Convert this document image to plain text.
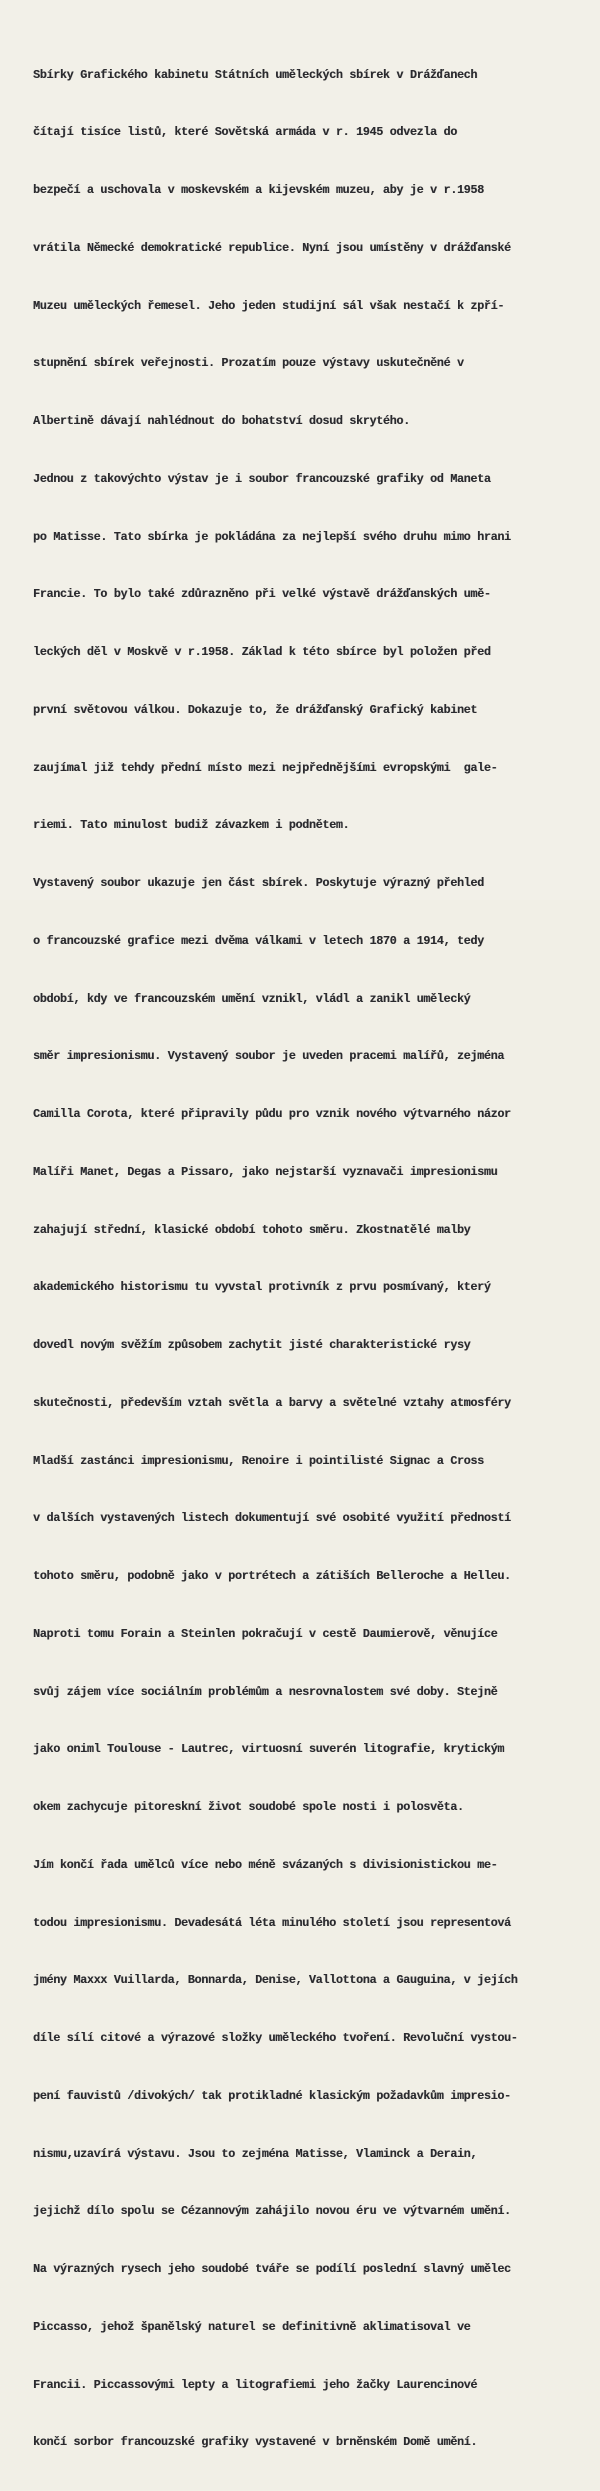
Sbírky Grafického kabinetu Státních uměleckých sbírek v Drážďanech

čítají tisíce listů, které Sovětská armáda v r. 1945 odvezla do

bezpečí a uschovala v moskevském a kijevském muzeu, aby je v r.1958

vrátila Německé demokratické republice. Nyní jsou umístěny v drážďanské

Muzeu uměleckých řemesel. Jeho jeden studijní sál však nestačí k zpří-

stupnění sbírek veřejnosti. Prozatím pouze výstavy uskutečněné v

Albertině dávají nahlédnout do bohatství dosud skrytého.

Jednou z takovýchto výstav je i soubor francouzské grafiky od Maneta

po Matisse. Tato sbírka je pokládána za nejlepší svého druhu mimo hrani

Francie. To bylo také zdůrazněno při velké výstavě drážďanských umě-

leckých děl v Moskvě v r.1958. Základ k této sbírce byl položen před

první světovou válkou. Dokazuje to, že drážďanský Grafický kabinet

zaujímal již tehdy přední místo mezi nejpřednějšími evropskými  gale-

riemi. Tato minulost budiž závazkem i podnětem.

Vystavený soubor ukazuje jen část sbírek. Poskytuje výrazný přehled

o francouzské grafice mezi dvěma válkami v letech 1870 a 1914, tedy

období, kdy ve francouzském umění vznikl, vládl a zanikl umělecký

směr impresionismu. Vystavený soubor je uveden pracemi malířů, zejména

Camilla Corota, které připravily půdu pro vznik nového výtvarného názor

Malíři Manet, Degas a Pissaro, jako nejstarší vyznavači impresionismu

zahajují střední, klasické období tohoto směru. Zkostnatělé malby

akademického historismu tu vyvstal protivník z prvu posmívaný, který

dovedl novým svěžím způsobem zachytit jisté charakteristické rysy

skutečnosti, především vztah světla a barvy a světelné vztahy atmosféry

Mladší zastánci impresionismu, Renoire i pointilisté Signac a Cross

v dalších vystavených listech dokumentují své osobité využití předností

tohoto směru, podobně jako v portrétech a zátiších Belleroche a Helleu.

Naproti tomu Forain a Steinlen pokračují v cestě Daumierově, věnujíce

svůj zájem více sociálním problémům a nesrovnalostem své doby. Stejně

jako oniml Toulouse - Lautrec, virtuosní suverén litografie, krytickým

okem zachycuje pitoreskní život soudobé spole nosti i polosvěta.

Jím končí řada umělců více nebo méně svázaných s divisionistickou me-

todou impresionismu. Devadesátá léta minulého století jsou representová

jmény Maxxx Vuillarda, Bonnarda, Denise, Vallottona a Gauguina, v jejích

díle sílí citové a výrazové složky uměleckého tvoření. Revoluční vystou-

pení fauvistů /divokých/ tak protikladné klasickým požadavkům impresio-

nismu,uzavírá výstavu. Jsou to zejména Matisse, Vlaminck a Derain,

jejichž dílo spolu se Cézannovým zahájilo novou éru ve výtvarném umění.

Na výrazných rysech jeho soudobé tváře se podílí poslední slavný umělec

Piccasso, jehož španělský naturel se definitivně aklimatisoval ve

Francii. Piccassovými lepty a litografiemi jeho žačky Laurencinové

končí sorbor francouzské grafiky vystavené v brněnském Domě umění.
